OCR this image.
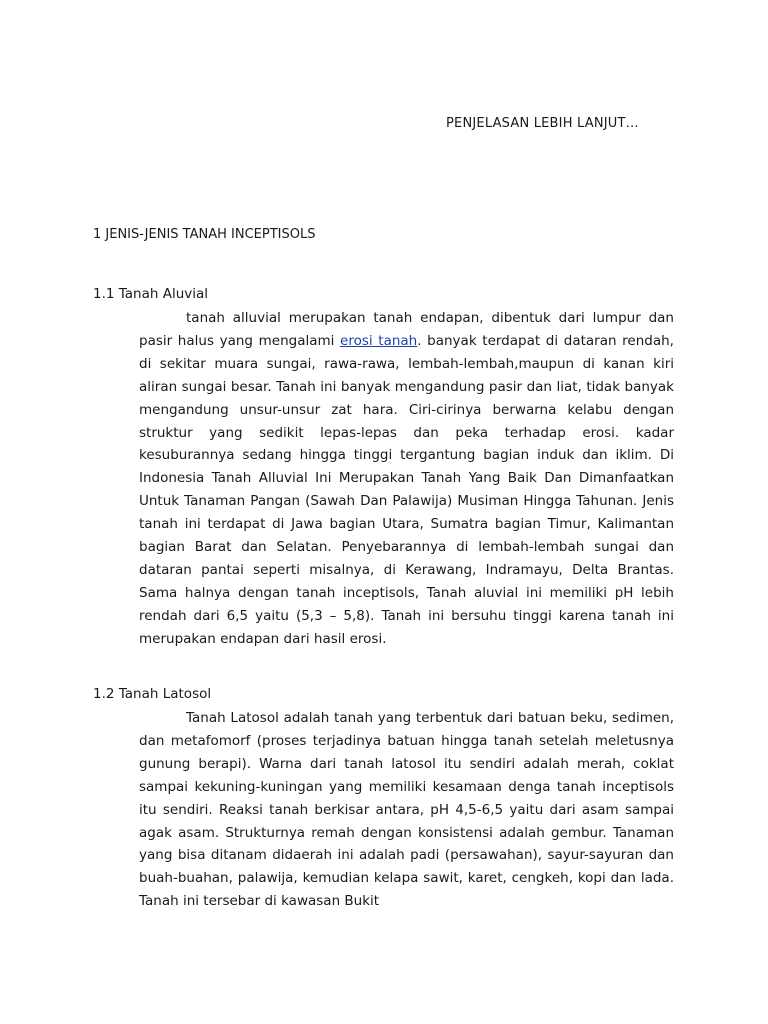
PENJELASAN LEBIH LANJUT…
1 JENIS-JENIS TANAH INCEPTISOLS
1.1 Tanah Aluvial
tanah alluvial merupakan tanah endapan, dibentuk dari lumpur dan pasir halus yang mengalami erosi tanah. banyak terdapat di dataran rendah, di sekitar muara sungai, rawa-rawa, lembah-lembah,maupun di kanan kiri aliran sungai besar. Tanah ini banyak mengandung pasir dan liat, tidak banyak mengandung unsur-unsur zat hara. Ciri-cirinya berwarna kelabu dengan struktur yang sedikit lepas-lepas dan peka terhadap erosi. kadar kesuburannya sedang hingga tinggi tergantung bagian induk dan iklim. Di Indonesia Tanah Alluvial Ini Merupakan Tanah Yang Baik Dan Dimanfaatkan Untuk Tanaman Pangan (Sawah Dan Palawija) Musiman Hingga Tahunan. Jenis tanah ini terdapat di Jawa bagian Utara, Sumatra bagian Timur, Kalimantan bagian Barat dan Selatan. Penyebarannya di lembah-lembah sungai dan dataran pantai seperti misalnya, di Kerawang, Indramayu, Delta Brantas. Sama halnya dengan tanah inceptisols, Tanah aluvial ini memiliki pH lebih rendah dari 6,5 yaitu (5,3 – 5,8). Tanah ini bersuhu tinggi karena tanah ini merupakan endapan dari hasil erosi.
1.2 Tanah Latosol
Tanah Latosol adalah tanah yang terbentuk dari batuan beku, sedimen, dan metafomorf (proses terjadinya batuan hingga tanah setelah meletusnya gunung berapi). Warna dari tanah latosol itu sendiri adalah merah, coklat sampai kekuning-kuningan yang memiliki kesamaan denga tanah inceptisols itu sendiri. Reaksi tanah berkisar antara, pH 4,5-6,5 yaitu dari asam sampai agak asam. Strukturnya remah dengan konsistensi adalah gembur. Tanaman yang bisa ditanam didaerah ini adalah padi (persawahan), sayur-sayuran dan buah-buahan, palawija, kemudian kelapa sawit, karet, cengkeh, kopi dan lada. Tanah ini tersebar di kawasan Bukit
